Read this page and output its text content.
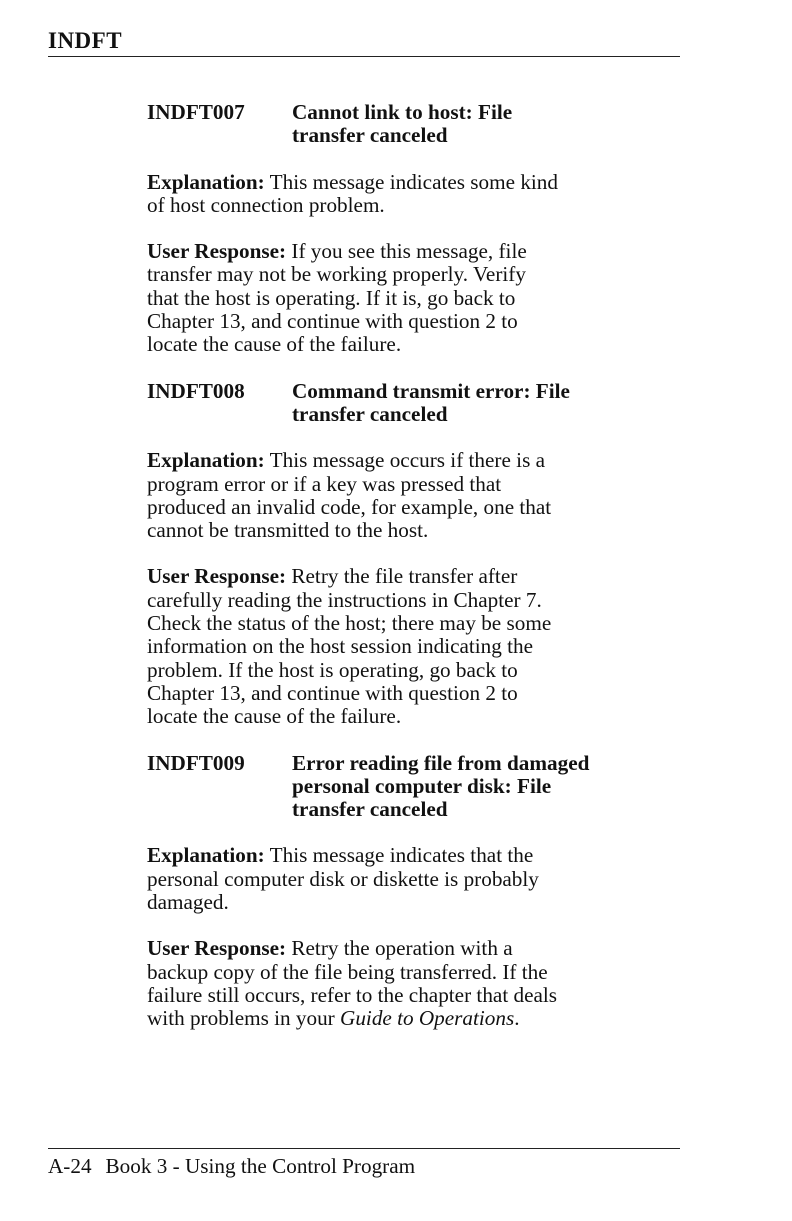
INDFT
INDFT007	Cannot link to host: File
transfer canceled
Explanation: This message indicates some kind
of host connection problem.
User Response: If you see this message, file
transfer may not be working properly. Verify
that the host is operating. If it is, go back to
Chapter 13, and continue with question 2 to
locate the cause of the failure.
INDFT008	Command transmit error: File
transfer canceled
Explanation: This message occurs if there is a
program error or if a key was pressed that
produced an invalid code, for example, one that
cannot be transmitted to the host.
User Response: Retry the file transfer after
carefully reading the instructions in Chapter 7.
Check the status of the host; there may be some
information on the host session indicating the
problem. If the host is operating, go back to
Chapter 13, and continue with question 2 to
locate the cause of the failure.
INDFT009	Error reading file from damaged
personal computer disk: File
transfer canceled
Explanation: This message indicates that the
personal computer disk or diskette is probably
damaged.
User Response: Retry the operation with a
backup copy of the file being transferred. If the
failure still occurs, refer to the chapter that deals
with problems in your Guide to Operations.
A-24 Book 3 - Using the Control Program
